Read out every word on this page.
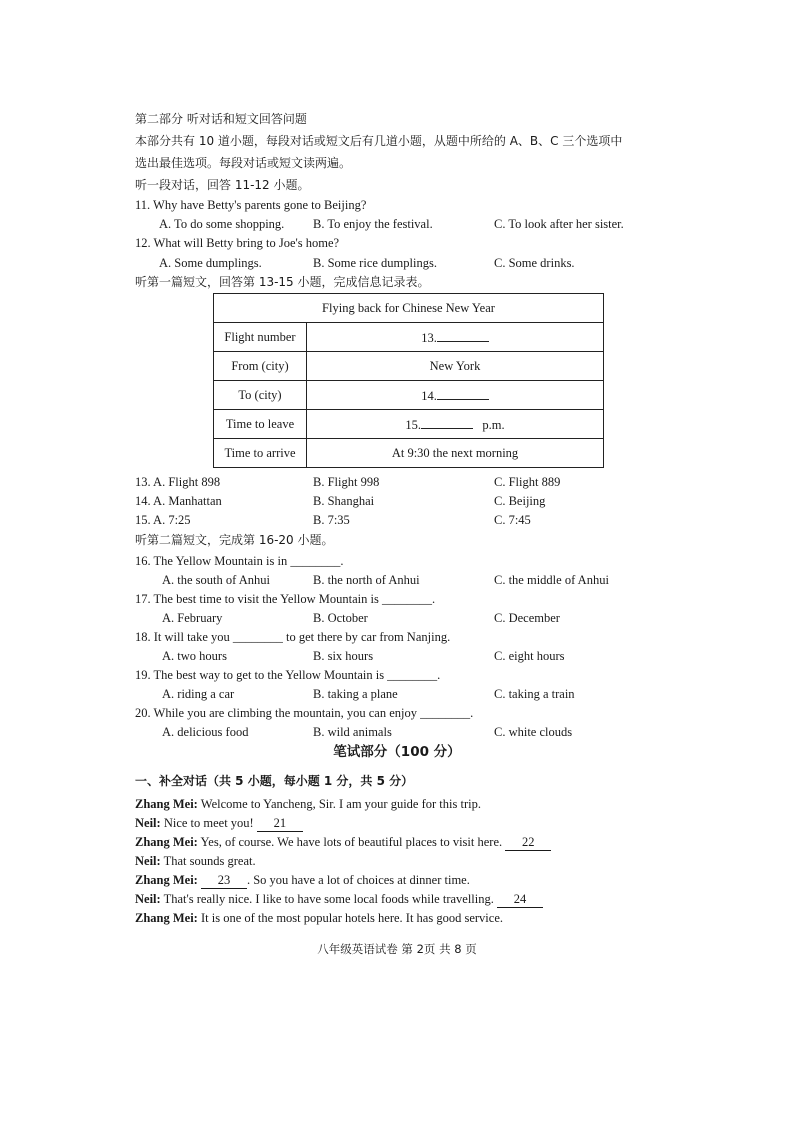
第二部分 听对话和短文回答问题
本部分共有 10 道小题，每段对话或短文后有几道小题，从题中所给的 A、B、C 三个选项中
选出最佳选项。每段对话或短文读两遍。
听一段对话，回答 11-12 小题。
11. Why have Betty's parents gone to Beijing?
A. To do some shopping. B. To enjoy the festival.	C. To look after her sister.
12. What will Betty bring to Joe's home?
A. Some dumplings.	B. Some rice dumplings.	C. Some drinks.
听第一篇短文，回答第 13-15 小题，完成信息记录表。
Flying back for Chinese New Year	
Flight number	13.
From (city)	New York
To (city)	14.
Time to leave	15. p.m.
Time to arrive	At 9:30 the next morning
13. A. Flight 898	B. Flight 998	C. Flight 889
14. A. Manhattan	B. Shanghai	C. Beijing
15. A. 7:25	B. 7:35	C. 7:45
听第二篇短文，完成第 16-20 小题。
16. The Yellow Mountain is in ________.
A. the south of Anhui	B. the north of Anhui	C. the middle of Anhui
17. The best time to visit the Yellow Mountain is ________.
A. February	B. October	C. December
18. It will take you ________ to get there by car from Nanjing.
A. two hours	B. six hours	C. eight hours
19. The best way to get to the Yellow Mountain is ________.
A. riding a car	B. taking a plane	C. taking a train
20. While you are climbing the mountain, you can enjoy ________.
A. delicious food	B. wild animals	C. white clouds
笔试部分（100 分）
一、补全对话（共 5 小题，每小题 1 分，共 5 分）
Zhang Mei: Welcome to Yancheng, Sir. I am your guide for this trip.
Neil: Nice to meet you! 21
Zhang Mei: Yes, of course. We have lots of beautiful places to visit here. 22
Neil: That sounds great.
Zhang Mei: 23 . So you have a lot of choices at dinner time.
Neil: That's really nice. I like to have some local foods while travelling. 24
Zhang Mei: It is one of the most popular hotels here. It has good service.
八年级英语试卷 第 2页 共 8 页
